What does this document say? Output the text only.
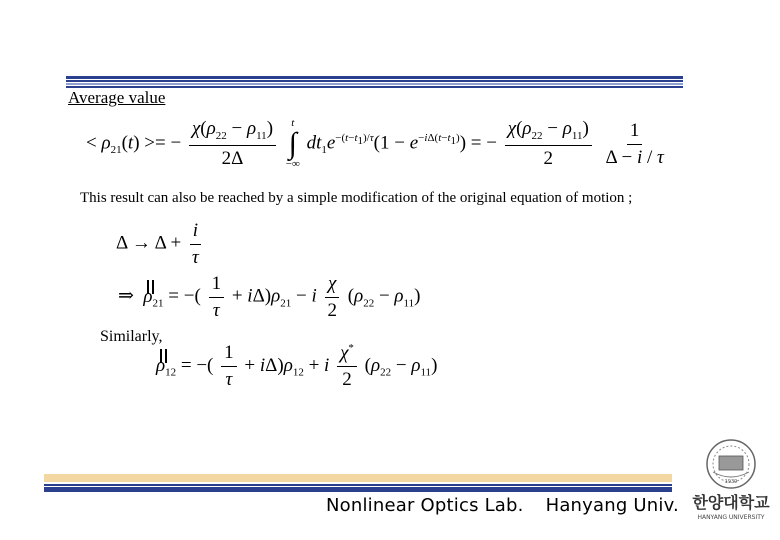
Average value
< $\rho_{21}(t)$ >= − $\frac{\chi(\rho_{22} - \rho_{11})}{2\Delta}$
t
∫
−∞
$dt_1e^{-(t-t_1)/\tau}(1 - e^{-i\Delta(t-t_1)})$ = − $\frac{\chi(\rho_{22} - \rho_{11})}{2}$
$\frac{1}{\Delta - i / \tau}$
This result can also be reached by a simple modification of the original equation of motion ;
$\Delta \to \Delta + \frac{i}{\tau}$
⇒  $\rho_{21}$ = −( $\frac{1}{\tau} + i\Delta)\rho_{21} - i \frac{\chi}{2} (\rho_{22} - \rho_{11})$
Similarly,
$\rho_{12}$ = −( $\frac{1}{\tau} + i\Delta)\rho_{12} + i \frac{\chi^*}{2} (\rho_{22} - \rho_{11})$
Nonlinear Optics Lab. Hanyang Univ.
1939
한양대학교
HANYANG UNIVERSITY
